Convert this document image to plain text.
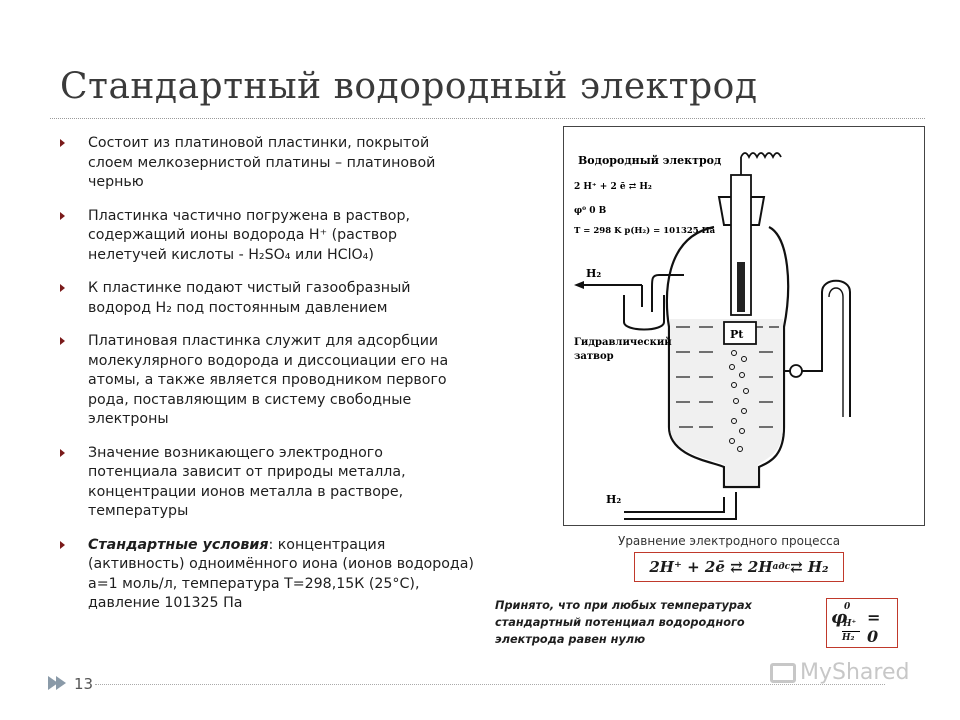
Стандартный водородный электрод
Состоит из платиновой пластинки, покрытой слоем мелкозернистой платины – платиновой чернью
Пластинка частично погружена в раствор, содержащий ионы водорода H⁺ (раствор нелетучей кислоты - H₂SO₄ или HClO₄)
К пластинке подают чистый газообразный водород H₂ под постоянным давлением
Платиновая пластинка служит для адсорбции молекулярного водорода и диссоциации его на атомы, а также является проводником первого рода, поставляющим в систему свободные электроны
Значение возникающего электродного потенциала зависит от природы металла, концентрации ионов металла в растворе, температуры
Стандартные условия: концентрация (активность) одноимённого иона (ионов водорода) a=1 моль/л, температура Т=298,15К (25°С), давление 101325 Па
Водородный электрод
2 H⁺ + 2 ē ⇄ H₂
φ⁰ 0 В
T = 298 K p(H₂) = 101325 Па
Pt
H₂
Гидравлический
затвор
H₂
Уравнение электродного процесса
2H⁺ + 2ē ⇄ 2H адс ⇄ H₂
Принято, что при любых температурах стандартный потенциал водородного электрода равен нулю
φ
0
H⁺
H₂
= 0
13	MyShared
